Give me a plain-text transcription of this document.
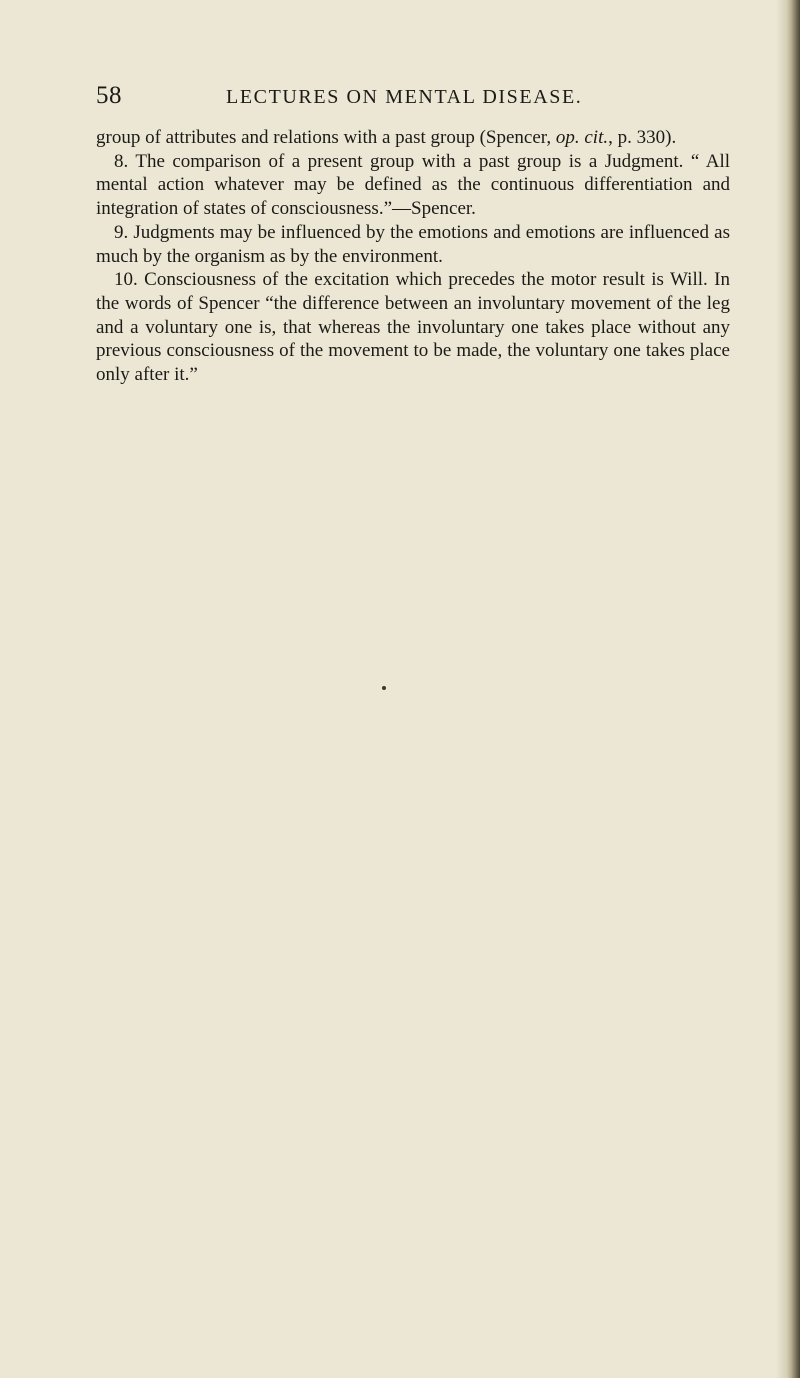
58	LECTURES ON MENTAL DISEASE.

group of attributes and relations with a past group (Spencer, op. cit., p. 330).

8. The comparison of a present group with a past group is a Judgment. “ All mental action whatever may be defined as the continuous differentiation and integration of states of consciousness.”—Spencer.

9. Judgments may be influenced by the emotions and emotions are influenced as much by the organism as by the environment.

10. Consciousness of the excitation which precedes the motor result is Will. In the words of Spencer “the difference between an involuntary movement of the leg and a voluntary one is, that whereas the involuntary one takes place without any previous consciousness of the movement to be made, the voluntary one takes place only after it.”
